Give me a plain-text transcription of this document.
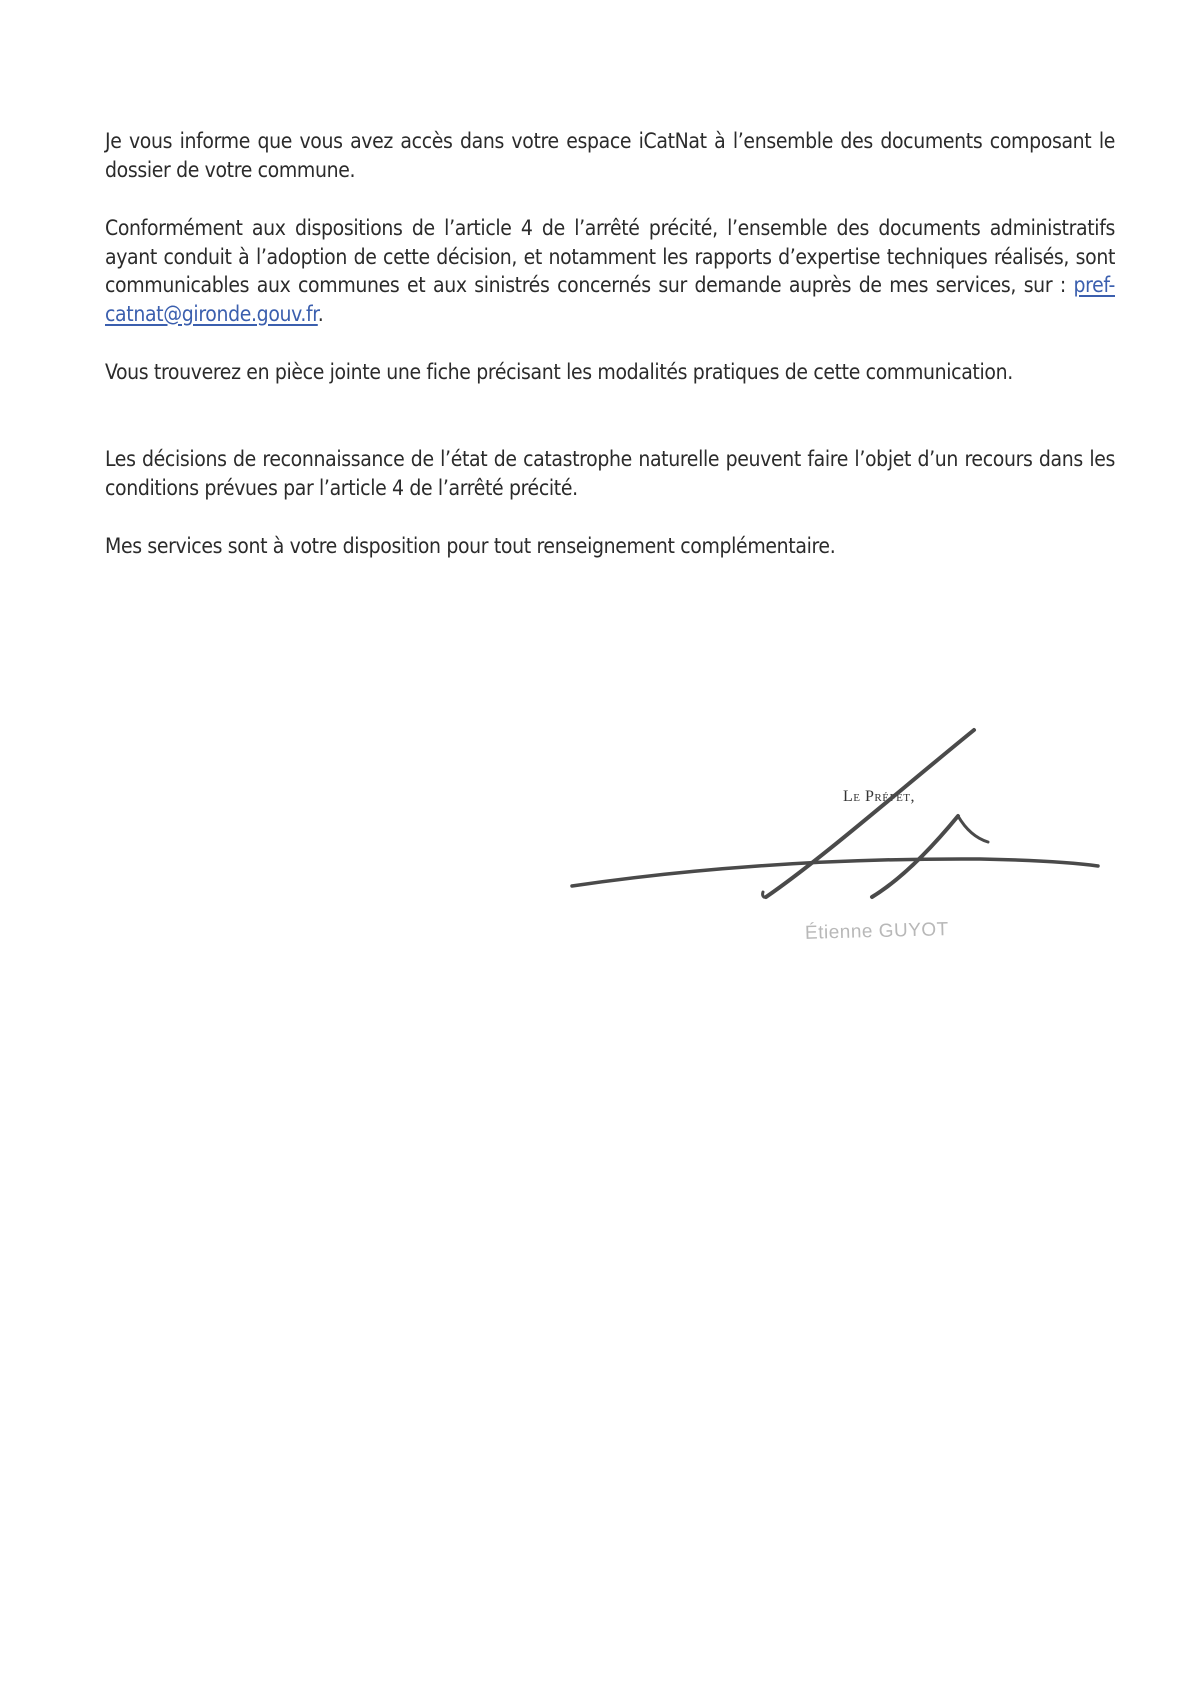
Je vous informe que vous avez accès dans votre espace iCatNat à l’ensemble des documents composant le dossier de votre commune.

Conformément aux dispositions de l’article 4 de l’arrêté précité, l’ensemble des documents administratifs ayant conduit à l’adoption de cette décision, et notamment les rapports d’expertise techniques réalisés, sont communicables aux communes et aux sinistrés concernés sur demande auprès de mes services, sur : pref-catnat@gironde.gouv.fr.

Vous trouverez en pièce jointe une fiche précisant les modalités pratiques de cette communication.

Les décisions de reconnaissance de l’état de catastrophe naturelle peuvent faire l’objet d’un recours dans les conditions prévues par l’article 4 de l’arrêté précité.

Mes services sont à votre disposition pour tout renseignement complémentaire.

Le Préfet,
Étienne GUYOT
